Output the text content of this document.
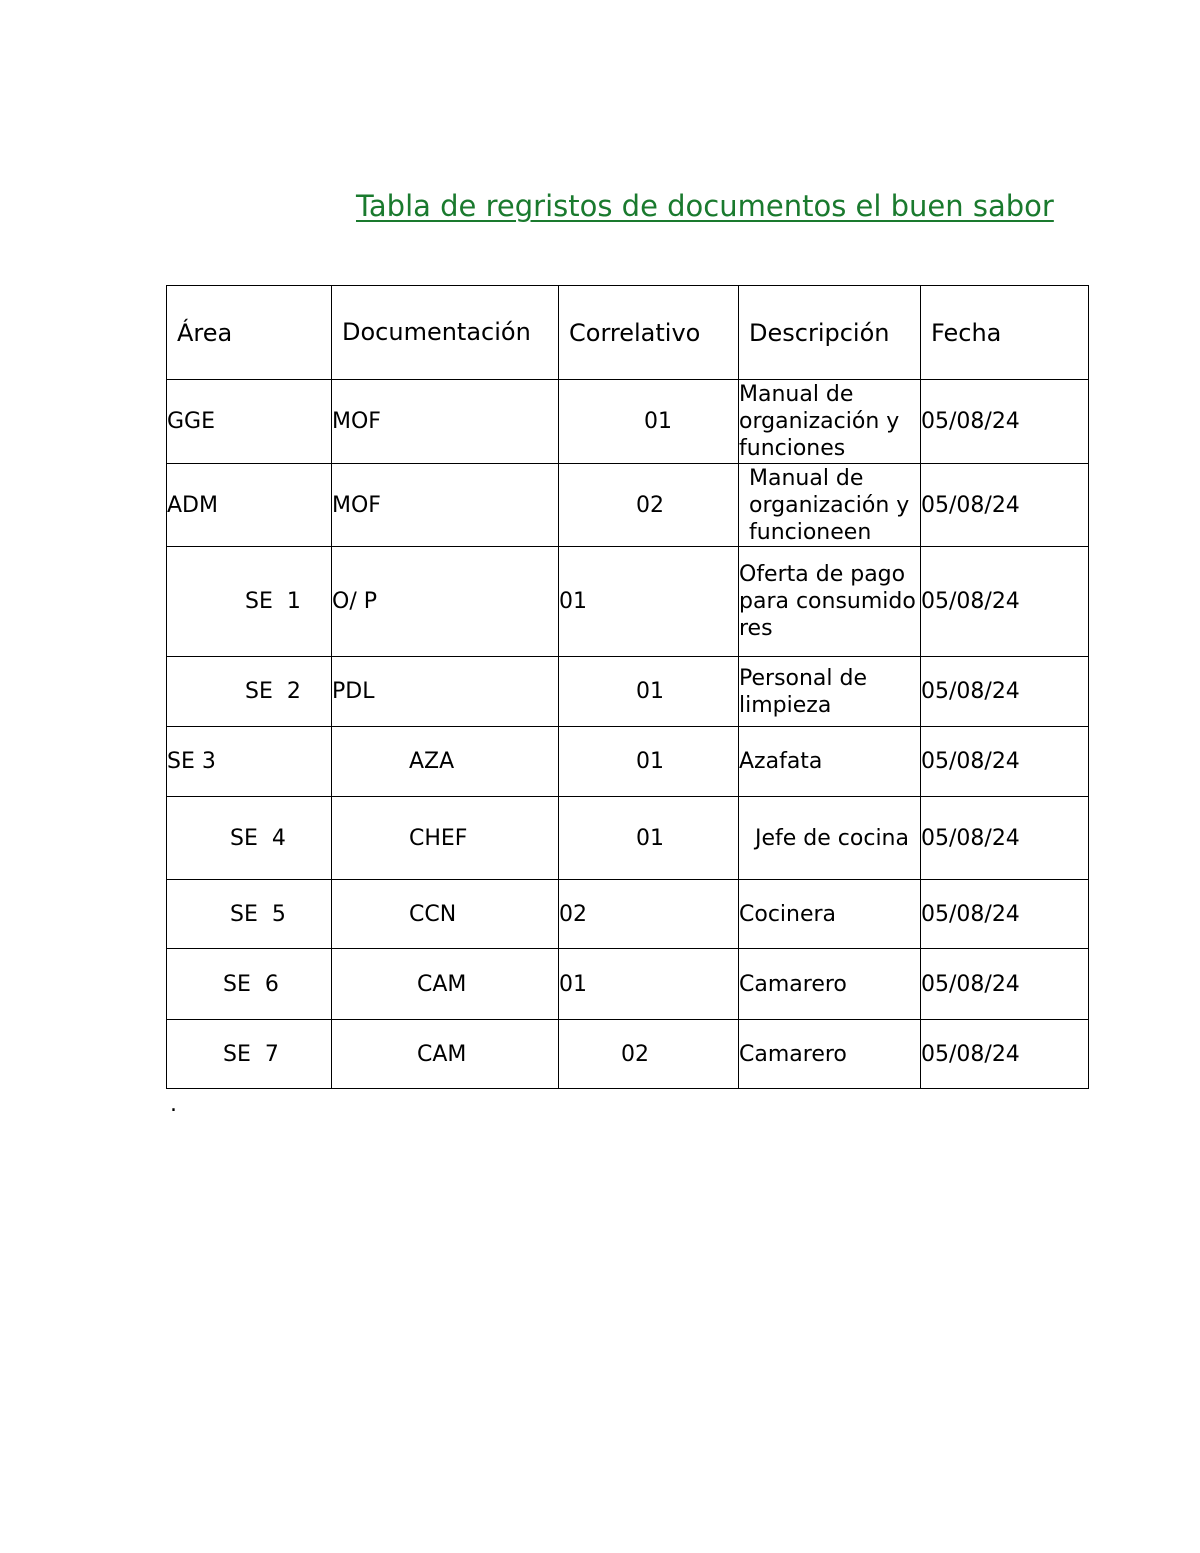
Tabla de regristos de documentos el buen sabor
Área	Documentación	Correlativo	Descripción	Fecha
GGE	MOF	01	Manual de organización y funciones	05/08/24
ADM	MOF	02	Manual de organización y funcioneen	05/08/24
SE  1	O/ P	01	Oferta de pago para consumidores	05/08/24
SE  2	PDL	01	Personal de limpieza	05/08/24
SE 3	AZA	01	Azafata	05/08/24
SE  4	CHEF	01	Jefe de cocina	05/08/24
SE  5	CCN	02	Cocinera	05/08/24
SE  6	CAM	01	Camarero	05/08/24
SE  7	CAM	02	Camarero	05/08/24
.
